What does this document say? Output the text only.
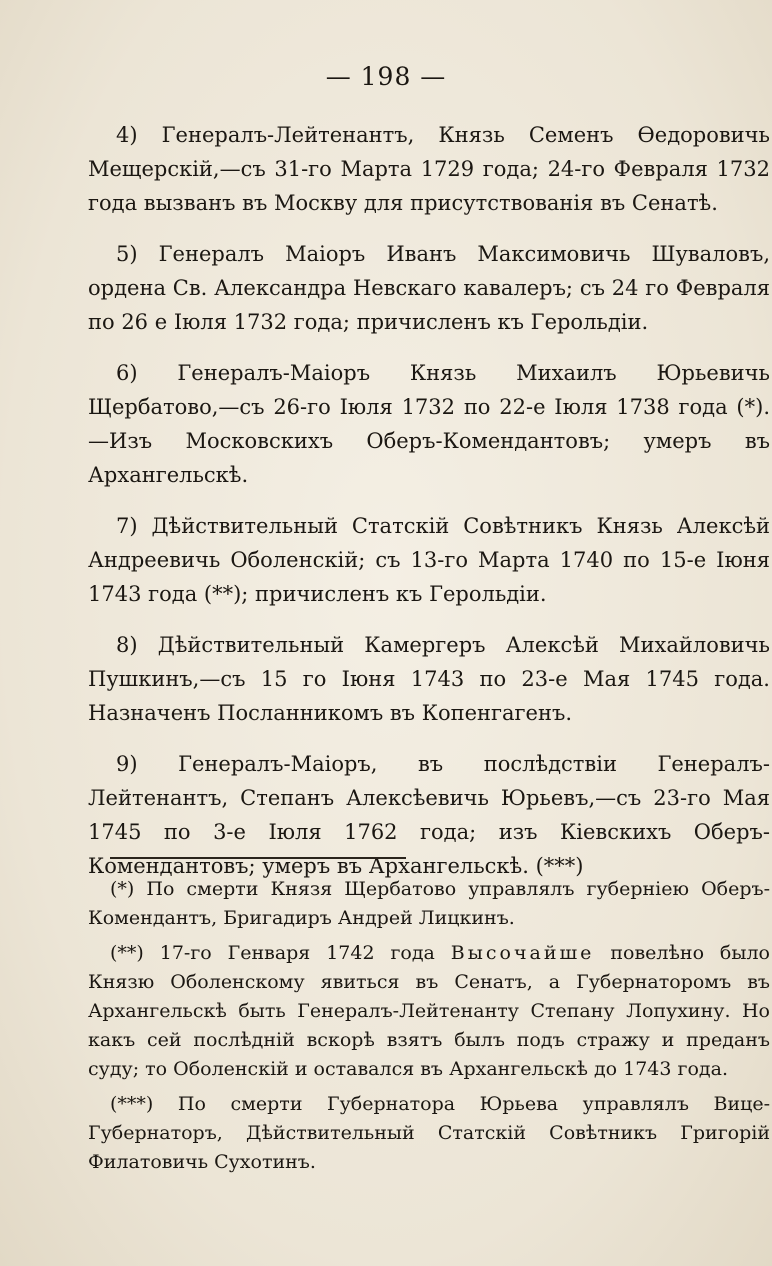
— 198 —

4) Генералъ-Лейтенантъ, Князь Семенъ Өедоровичь Мещерскій,—съ 31-го Марта 1729 года; 24-го Февраля 1732 года вызванъ въ Москву для присутствованія въ Сенатѣ.

5) Генералъ Маіоръ Иванъ Максимовичь Шуваловъ, ордена Св. Александра Невскаго кавалеръ; съ 24 го Февраля по 26 е Іюля 1732 года; причисленъ къ Герольдіи.

6) Генералъ-Маіоръ Князь Михаилъ Юрьевичь Щербатово,—съ 26-го Іюля 1732 по 22-е Іюля 1738 года (*).—Изъ Московскихъ Оберъ-Комендантовъ; умеръ въ Архангельскѣ.

7) Дѣйствительный Статскій Совѣтникъ Князь Алексѣй Андреевичь Оболенскій; съ 13-го Марта 1740 по 15-е Іюня 1743 года (**); причисленъ къ Герольдіи.

8) Дѣйствительный Камергеръ Алексѣй Михайловичь Пушкинъ,—съ 15 го Іюня 1743 по 23-е Мая 1745 года. Назначенъ Посланникомъ въ Копенгагенъ.

9) Генералъ-Маіоръ, въ послѣдствіи Генералъ-Лейтенантъ, Степанъ Алексѣевичь Юрьевъ,—съ 23-го Мая 1745 по 3-е Іюля 1762 года; изъ Кіевскихъ Оберъ-Комендантовъ; умеръ въ Архангельскѣ. (***)

(*) По смерти Князя Щербатово управлялъ губерніею Оберъ-Комендантъ, Бригадиръ Андрей Лицкинъ.

(**) 17-го Генваря 1742 года Высочайше повелѣно было Князю Оболенскому явиться въ Сенатъ, а Губернаторомъ въ Архангельскѣ быть Генералъ-Лейтенанту Степану Лопухину. Но какъ сей послѣдній вскорѣ взятъ былъ подъ стражу и преданъ суду; то Оболенскій и оставался въ Архангельскѣ до 1743 года.

(***) По смерти Губернатора Юрьева управлялъ Вице-Губернаторъ, Дѣйствительный Статскій Совѣтникъ Григорій Филатовичь Сухотинъ.
